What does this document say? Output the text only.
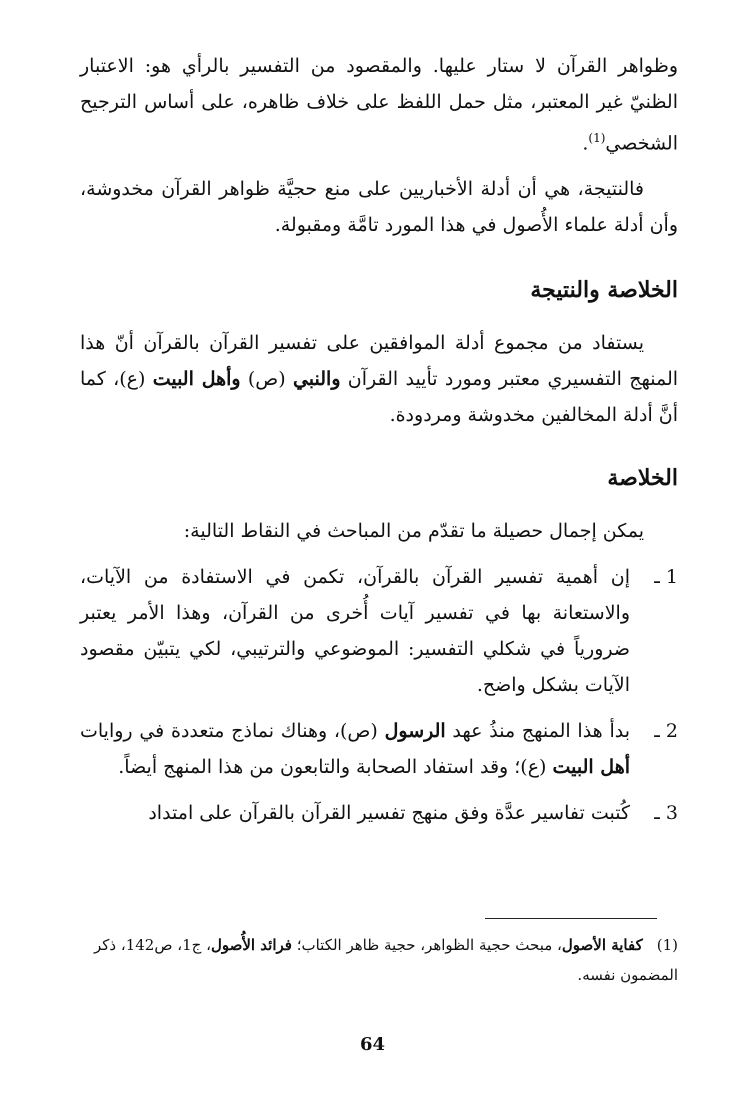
وظواهر القرآن لا ستار عليها. والمقصود من التفسير بالرأي هو: الاعتبار الظنيّ غير المعتبر، مثل حمل اللفظ على خلاف ظاهره، على أساس الترجيح الشخصي$^{(1)}$.

فالنتيجة، هي أن أدلة الأخباريين على منع حجيَّة ظواهر القرآن مخدوشة، وأن أدلة علماء الأُصول في هذا المورد تامَّة ومقبولة.

الخلاصة والنتيجة

يستفاد من مجموع أدلة الموافقين على تفسير القرآن بالقرآن أنّ هذا المنهج التفسيري معتبر ومورد تأييد القرآن والنبي (ص) وأهل البيت (ع)، كما أنَّ أدلة المخالفين مخدوشة ومردودة.

الخلاصة

يمكن إجمال حصيلة ما تقدّم من المباحث في النقاط التالية:

1 ـ
إن أهمية تفسير القرآن بالقرآن، تكمن في الاستفادة من الآيات، والاستعانة بها في تفسير آيات أُخرى من القرآن، وهذا الأمر يعتبر ضرورياً في شكلي التفسير: الموضوعي والترتيبي، لكي يتبيّن مقصود الآيات بشكل واضح.
2 ـ
بدأ هذا المنهج منذُ عهد الرسول (ص)، وهناك نماذج متعددة في روايات أهل البيت (ع)؛ وقد استفاد الصحابة والتابعون من هذا المنهج أيضاً.
3 ـ
كُتبت تفاسير عدَّة وفق منهج تفسير القرآن بالقرآن على امتداد
(1)كفاية الأصول، مبحث حجية الظواهر، حجية ظاهر الكتاب؛ فرائد الأُصول، ج1، ص142، ذكر المضمون نفسه.
64
